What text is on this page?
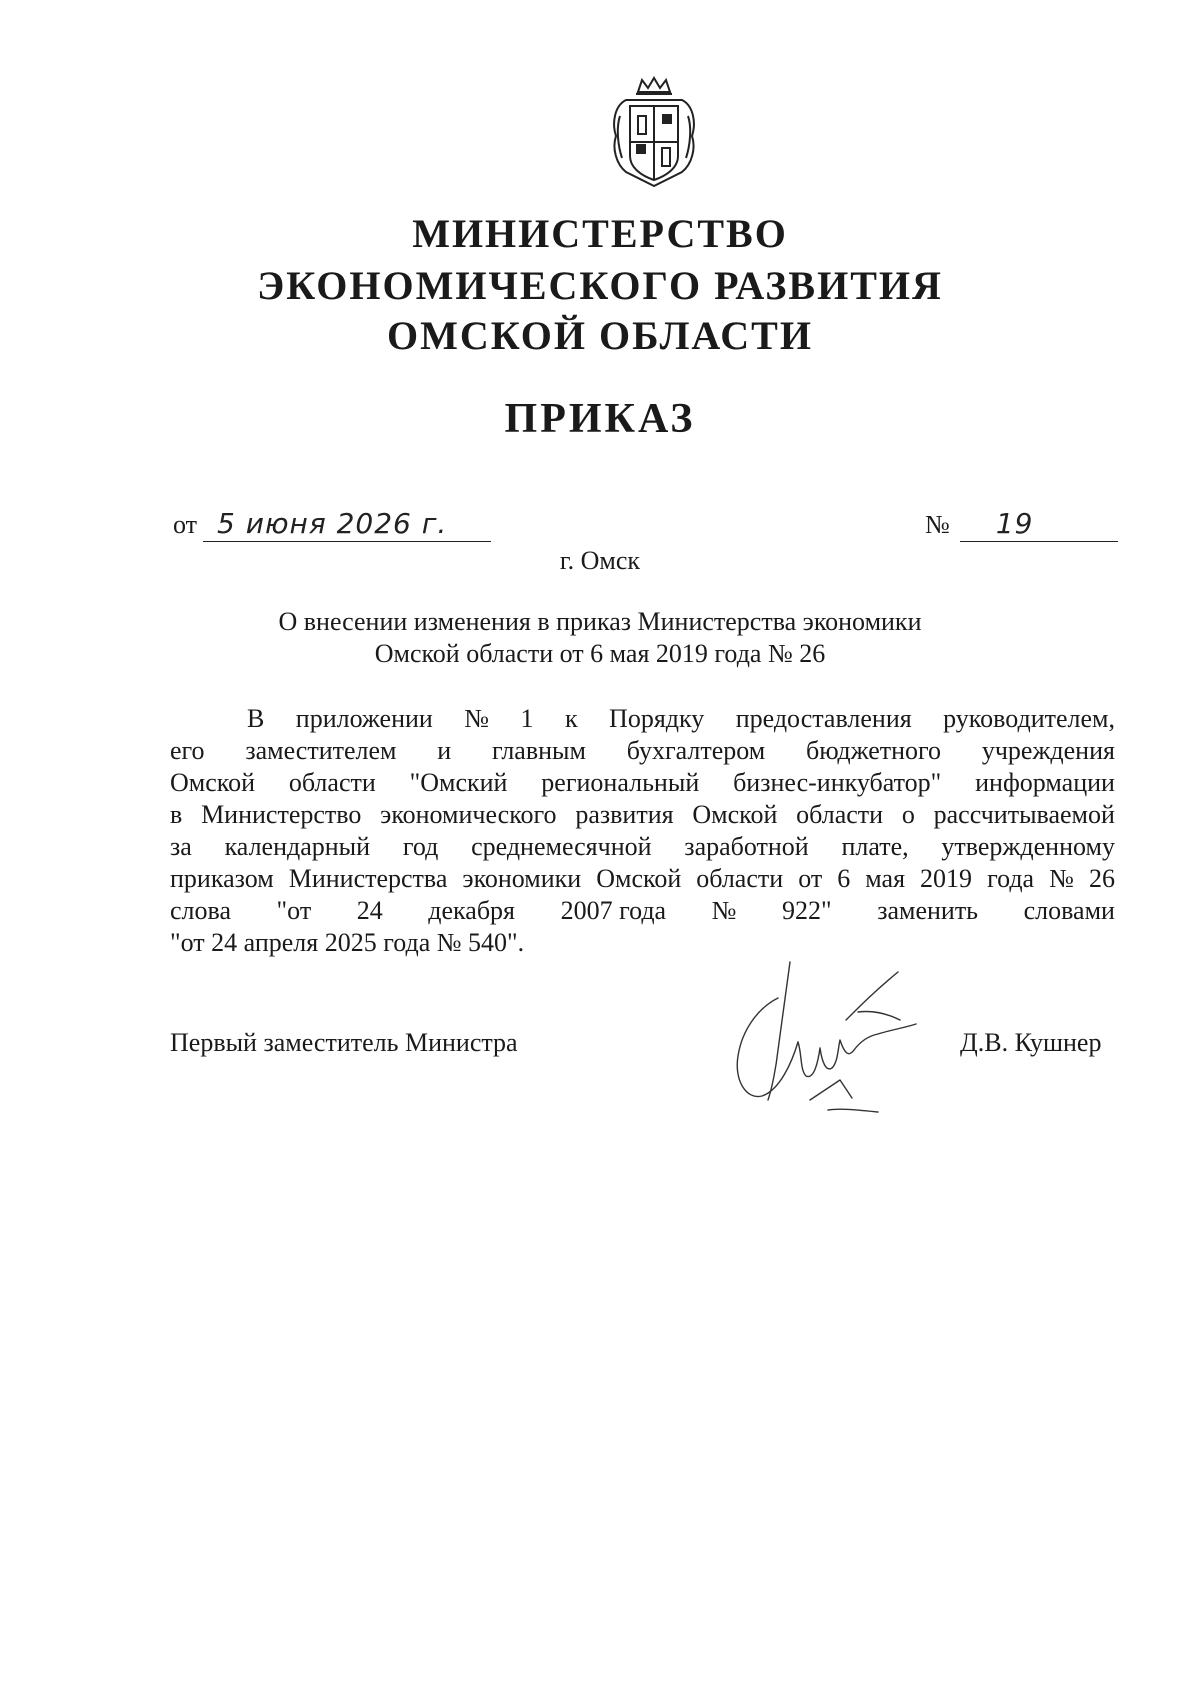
МИНИСТЕРСТВО
ЭКОНОМИЧЕСКОГО РАЗВИТИЯ
ОМСКОЙ ОБЛАСТИ
ПРИКАЗ
от 5 июня 2026 г.	№ 19
г. Омск
О внесении изменения в приказ Министерства экономики
Омской области от 6 мая 2019 года № 26
В приложении № 1 к Порядку предоставления руководителем,
его заместителем и главным бухгалтером бюджетного учреждения
Омской области "Омский региональный бизнес-инкубатор" информации
в Министерство экономического развития Омской области о рассчитываемой
за календарный год среднемесячной заработной плате, утвержденному
приказом Министерства экономики Омской области от 6 мая 2019 года № 26
слова "от 24 декабря 2007 года № 922" заменить словами
"от 24 апреля 2025 года № 540".
Первый заместитель Министра	Д.В. Кушнер
